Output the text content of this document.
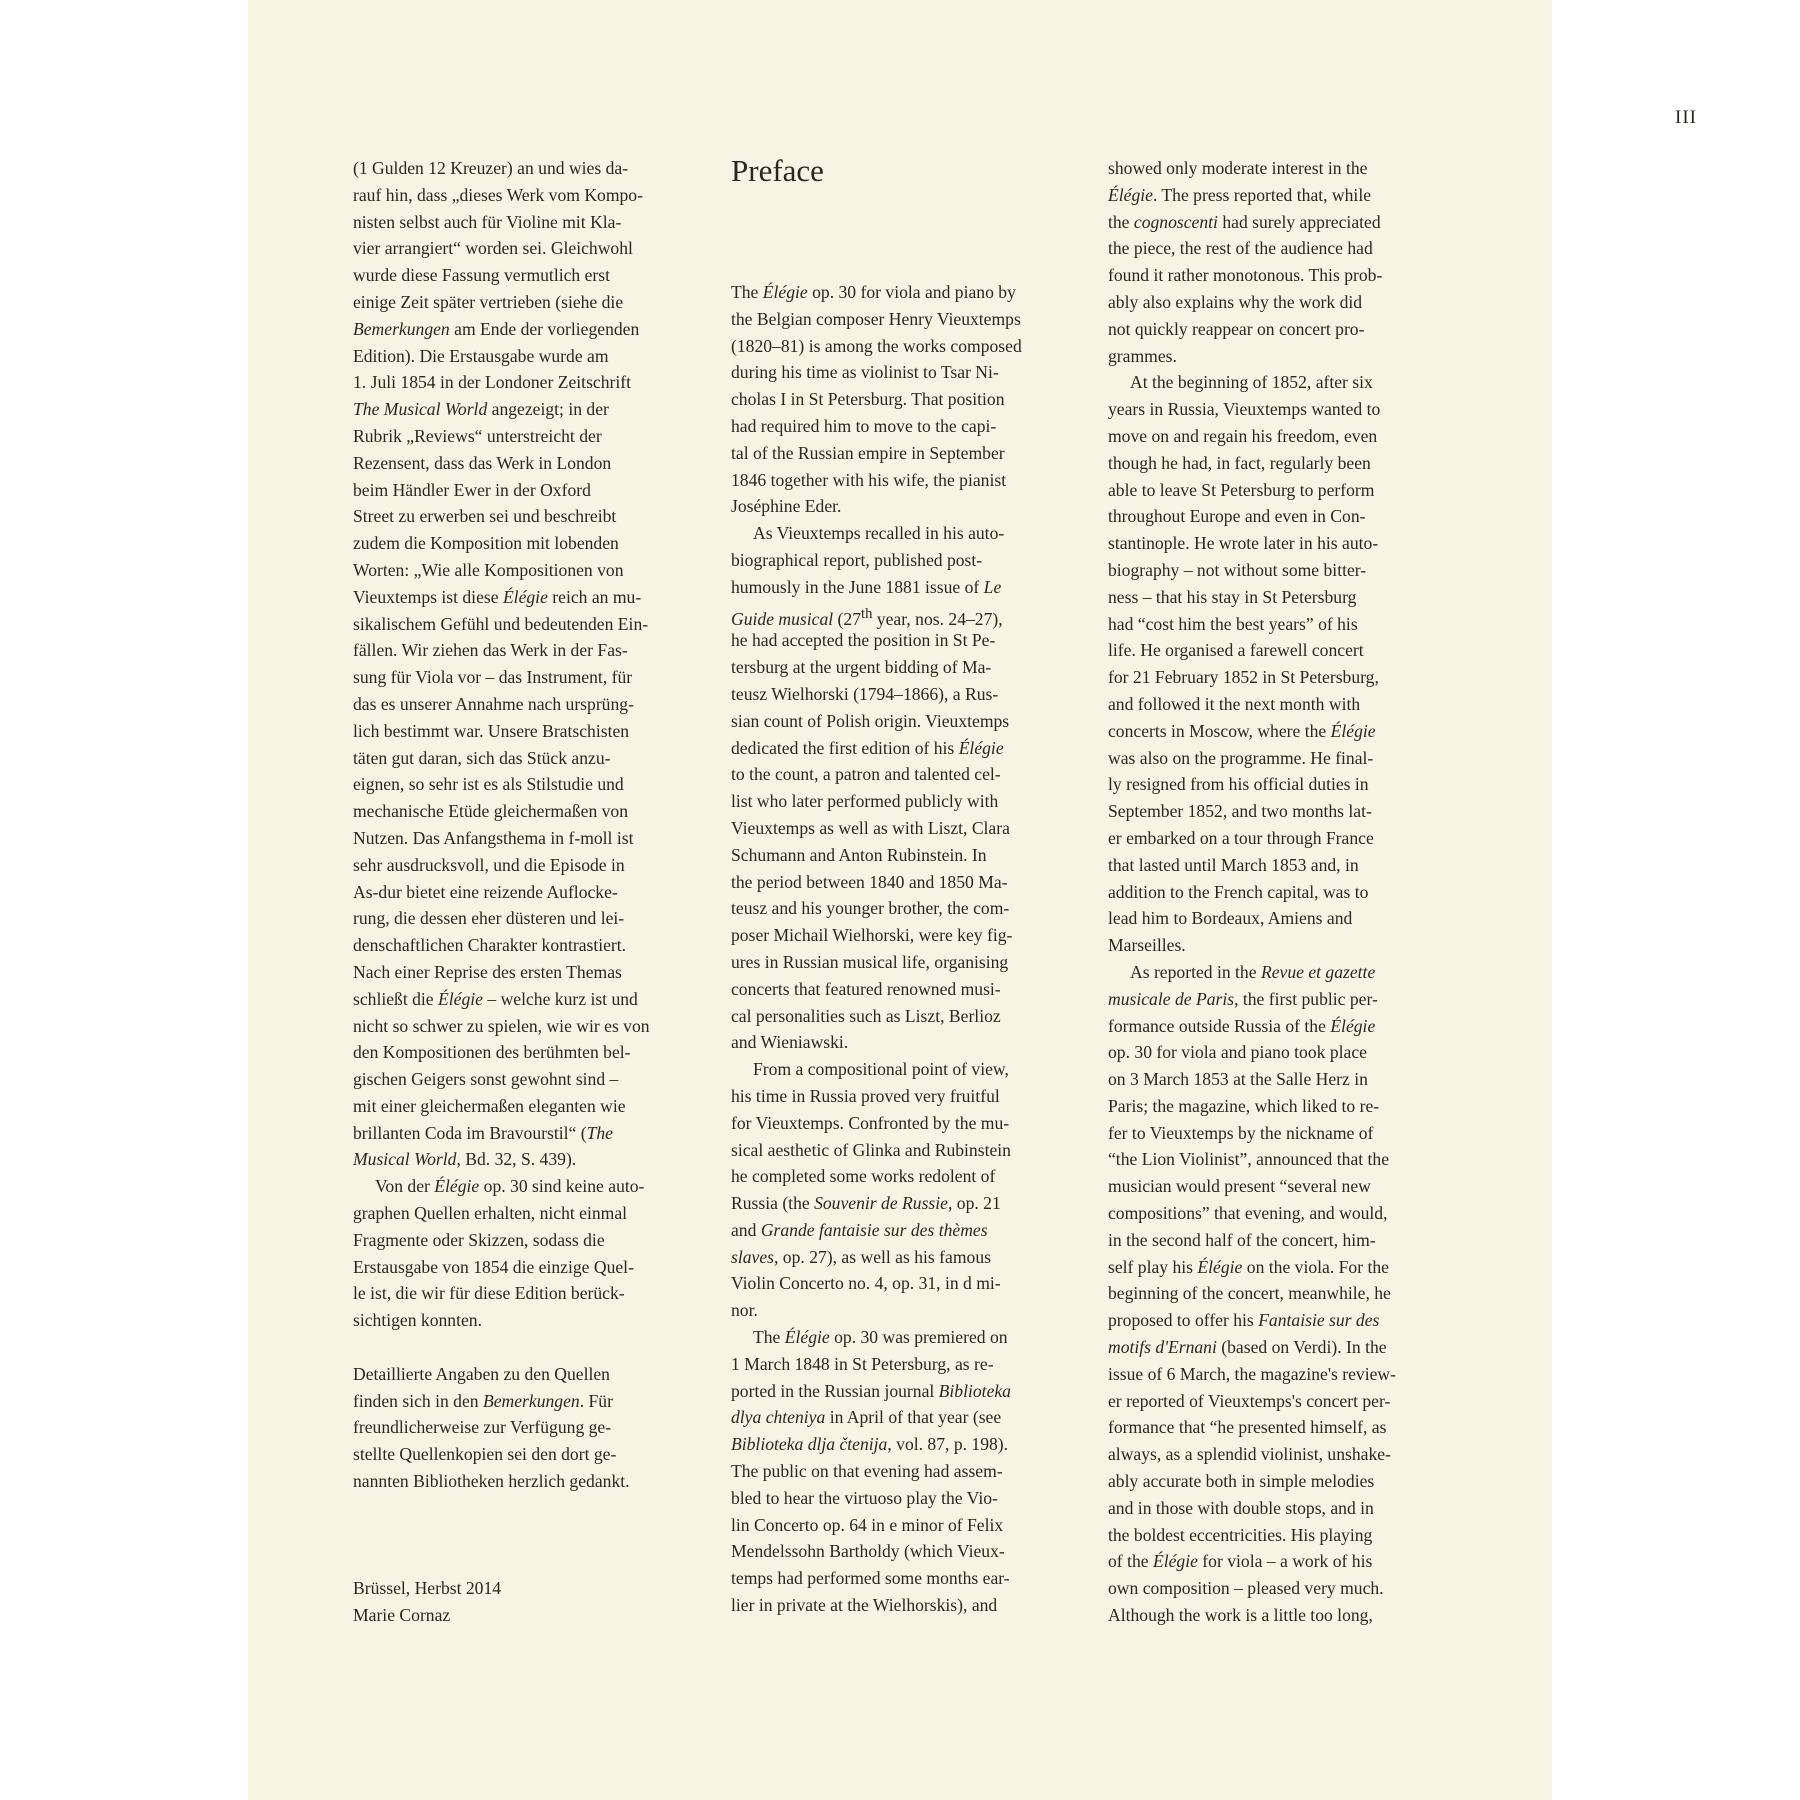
III
(1 Gulden 12 Kreuzer) an und wies da-
rauf hin, dass „dieses Werk vom Kompo-
nisten selbst auch für Violine mit Kla-
vier arrangiert“ worden sei. Gleichwohl
wurde diese Fassung vermutlich erst
einige Zeit später vertrieben (siehe die
Bemerkungen am Ende der vorliegenden
Edition). Die Erstausgabe wurde am
1. Juli 1854 in der Londoner Zeitschrift
The Musical World angezeigt; in der
Rubrik „Reviews“ unterstreicht der
Rezensent, dass das Werk in London
beim Händler Ewer in der Oxford
Street zu erwerben sei und beschreibt
zudem die Komposition mit lobenden
Worten: „Wie alle Kompositionen von
Vieuxtemps ist diese Élégie reich an mu-
sikalischem Gefühl und bedeutenden Ein-
fällen. Wir ziehen das Werk in der Fas-
sung für Viola vor – das Instrument, für
das es unserer Annahme nach ursprüng-
lich bestimmt war. Unsere Bratschisten
täten gut daran, sich das Stück anzu-
eignen, so sehr ist es als Stilstudie und
mechanische Etüde gleichermaßen von
Nutzen. Das Anfangsthema in f-moll ist
sehr ausdrucksvoll, und die Episode in
As-dur bietet eine reizende Auflocke-
rung, die dessen eher düsteren und lei-
denschaftlichen Charakter kontrastiert.
Nach einer Reprise des ersten Themas
schließt die Élégie – welche kurz ist und
nicht so schwer zu spielen, wie wir es von
den Kompositionen des berühmten bel-
gischen Geigers sonst gewohnt sind –
mit einer gleichermaßen eleganten wie
brillanten Coda im Bravourstil“ (The
Musical World, Bd. 32, S. 439).
Von der Élégie op. 30 sind keine auto-
graphen Quellen erhalten, nicht einmal
Fragmente oder Skizzen, sodass die
Erstausgabe von 1854 die einzige Quel-
le ist, die wir für diese Edition berück-
sichtigen konnten.
Detaillierte Angaben zu den Quellen
finden sich in den Bemerkungen. Für
freundlicherweise zur Verfügung ge-
stellte Quellenkopien sei den dort ge-
nannten Bibliotheken herzlich gedankt.
Brüssel, Herbst 2014
Marie Cornaz
Preface
The Élégie op. 30 for viola and piano by
the Belgian composer Henry Vieuxtemps
(1820–81) is among the works composed
during his time as violinist to Tsar Ni-
cholas I in St Petersburg. That position
had required him to move to the capi-
tal of the Russian empire in September
1846 together with his wife, the pianist
Joséphine Eder.
As Vieuxtemps recalled in his auto-
biographical report, published post-
humously in the June 1881 issue of Le
Guide musical (27th year, nos. 24–27),
he had accepted the position in St Pe-
tersburg at the urgent bidding of Ma-
teusz Wielhorski (1794–1866), a Rus-
sian count of Polish origin. Vieuxtemps
dedicated the first edition of his Élégie
to the count, a patron and talented cel-
list who later performed publicly with
Vieuxtemps as well as with Liszt, Clara
Schumann and Anton Rubinstein. In
the period between 1840 and 1850 Ma-
teusz and his younger brother, the com-
poser Michail Wielhorski, were key fig-
ures in Russian musical life, organising
concerts that featured renowned musi-
cal personalities such as Liszt, Berlioz
and Wieniawski.
From a compositional point of view,
his time in Russia proved very fruitful
for Vieuxtemps. Confronted by the mu-
sical aesthetic of Glinka and Rubinstein
he completed some works redolent of
Russia (the Souvenir de Russie, op. 21
and Grande fantaisie sur des thèmes
slaves, op. 27), as well as his famous
Violin Concerto no. 4, op. 31, in d mi-
nor.
The Élégie op. 30 was premiered on
1 March 1848 in St Petersburg, as re-
ported in the Russian journal Biblioteka
dlya chteniya in April of that year (see
Biblioteka dlja čtenija, vol. 87, p. 198).
The public on that evening had assem-
bled to hear the virtuoso play the Vio-
lin Concerto op. 64 in e minor of Felix
Mendelssohn Bartholdy (which Vieux-
temps had performed some months ear-
lier in private at the Wielhorskis), and
showed only moderate interest in the
Élégie. The press reported that, while
the cognoscenti had surely appreciated
the piece, the rest of the audience had
found it rather monotonous. This prob-
ably also explains why the work did
not quickly reappear on concert pro-
grammes.
At the beginning of 1852, after six
years in Russia, Vieuxtemps wanted to
move on and regain his freedom, even
though he had, in fact, regularly been
able to leave St Petersburg to perform
throughout Europe and even in Con-
stantinople. He wrote later in his auto-
biography – not without some bitter-
ness – that his stay in St Petersburg
had “cost him the best years” of his
life. He organised a farewell concert
for 21 February 1852 in St Petersburg,
and followed it the next month with
concerts in Moscow, where the Élégie
was also on the programme. He final-
ly resigned from his official duties in
September 1852, and two months lat-
er embarked on a tour through France
that lasted until March 1853 and, in
addition to the French capital, was to
lead him to Bordeaux, Amiens and
Marseilles.
As reported in the Revue et gazette
musicale de Paris, the first public per-
formance outside Russia of the Élégie
op. 30 for viola and piano took place
on 3 March 1853 at the Salle Herz in
Paris; the magazine, which liked to re-
fer to Vieuxtemps by the nickname of
“the Lion Violinist”, announced that the
musician would present “several new
compositions” that evening, and would,
in the second half of the concert, him-
self play his Élégie on the viola. For the
beginning of the concert, meanwhile, he
proposed to offer his Fantaisie sur des
motifs d'Ernani (based on Verdi). In the
issue of 6 March, the magazine's review-
er reported of Vieuxtemps's concert per-
formance that “he presented himself, as
always, as a splendid violinist, unshake-
ably accurate both in simple melodies
and in those with double stops, and in
the boldest eccentricities. His playing
of the Élégie for viola – a work of his
own composition – pleased very much.
Although the work is a little too long,
